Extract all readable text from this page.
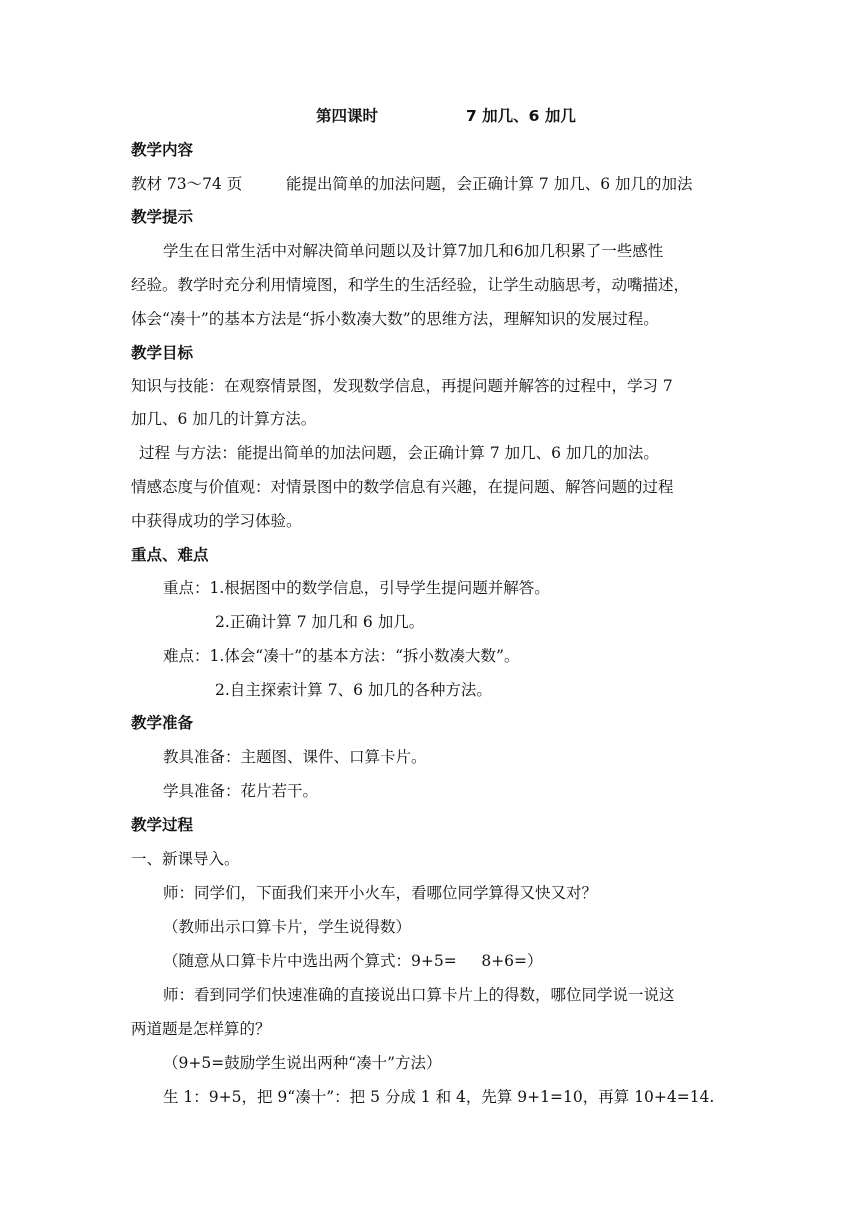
第四课时	7 加几、6 加几
教学内容
教材 73～74 页	能提出简单的加法问题，会正确计算 7 加几、6 加几的加法
教学提示
学生在日常生活中对解决简单问题以及计算7加几和6加几积累了一些感性
经验。教学时充分利用情境图，和学生的生活经验，让学生动脑思考，动嘴描述，
体会“凑十”的基本方法是“拆小数凑大数”的思维方法，理解知识的发展过程。
教学目标
知识与技能：在观察情景图，发现数学信息，再提问题并解答的过程中，学习 7
加几、6 加几的计算方法。
过程 与方法：能提出简单的加法问题，会正确计算 7 加几、6 加几的加法。
情感态度与价值观：对情景图中的数学信息有兴趣，在提问题、解答问题的过程
中获得成功的学习体验。
重点、难点
重点：1.根据图中的数学信息，引导学生提问题并解答。
2.正确计算 7 加几和 6 加几。
难点：1.体会“凑十”的基本方法：“拆小数凑大数”。
2.自主探索计算 7、6 加几的各种方法。
教学准备
教具准备：主题图、课件、口算卡片。
学具准备：花片若干。
教学过程
一、新课导入。
师：同学们，下面我们来开小火车，看哪位同学算得又快又对？
（教师出示口算卡片，学生说得数）
（随意从口算卡片中选出两个算式：9+5=     8+6=）
师：看到同学们快速准确的直接说出口算卡片上的得数，哪位同学说一说这
两道题是怎样算的？
（9+5=鼓励学生说出两种“凑十”方法）
生 1：9+5，把 9“凑十”：把 5 分成 1 和 4，先算 9+1=10，再算 10+4=14.
